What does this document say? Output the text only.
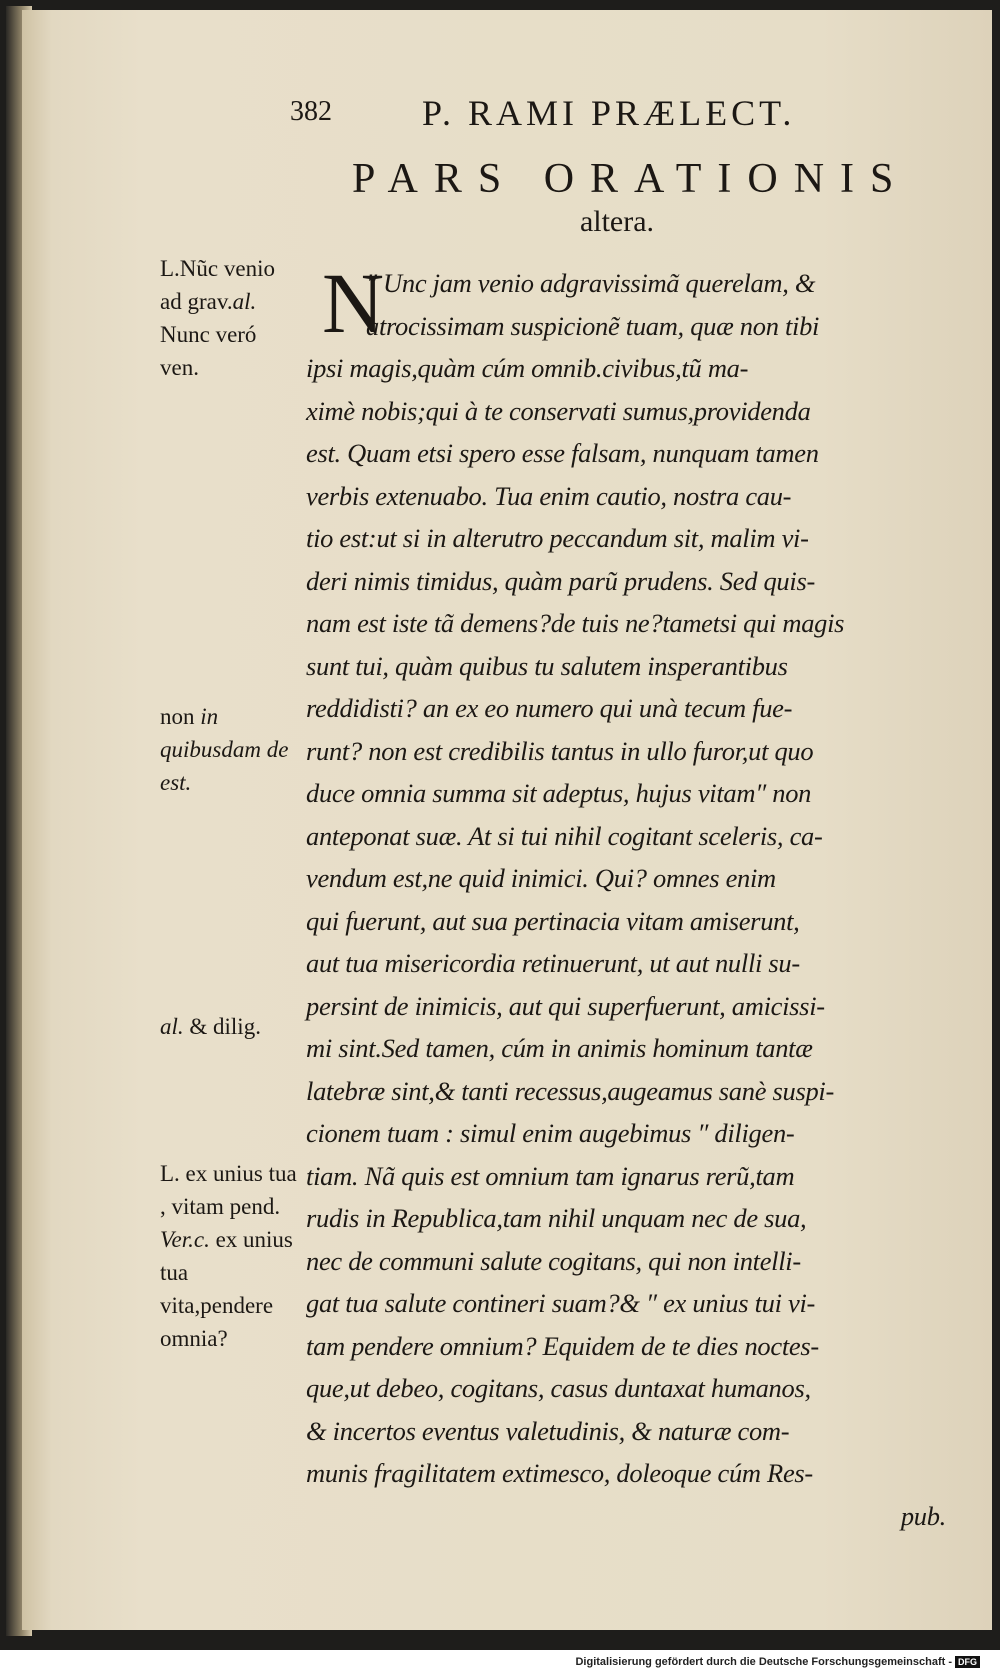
382	P. RAMI PRÆLECT.
PARS ORATIONIS
altera.
L.Nũc venio ad grav.al. Nunc veró ven.
non in quibusdam de est.
al. & dilig.
L. ex unius tua , vitam pend. Ver.c. ex unius tua vita,pendere omnia?
N
″ Unc jam venio adgravissimã querelam, &
atrocissimam suspicionẽ tuam, quæ non tibi
ipsi magis,quàm cúm omnib.civibus,tũ ma-
ximè nobis;qui à te conservati sumus,providenda
est. Quam etsi spero esse falsam, nunquam tamen
verbis extenuabo. Tua enim cautio, nostra cau-
tio est:ut si in alterutro peccandum sit, malim vi-
deri nimis timidus, quàm parũ prudens. Sed quis-
nam est iste tã demens?de tuis ne?tametsi qui magis
sunt tui, quàm quibus tu salutem insperantibus
reddidisti? an ex eo numero qui unà tecum fue-
runt? non est credibilis tantus in ullo furor,ut quo
duce omnia summa sit adeptus, hujus vitam″ non
anteponat suæ. At si tui nihil cogitant sceleris, ca-
vendum est,ne quid inimici. Qui? omnes enim
qui fuerunt, aut sua pertinacia vitam amiserunt,
aut tua misericordia retinuerunt, ut aut nulli su-
persint de inimicis, aut qui superfuerunt, amicissi-
mi sint.Sed tamen, cúm in animis hominum tantæ
latebræ sint,& tanti recessus,augeamus sanè suspi-
cionem tuam : simul enim augebimus ″ diligen-
tiam. Nã quis est omnium tam ignarus rerũ,tam
rudis in Republica,tam nihil unquam nec de sua,
nec de communi salute cogitans, qui non intelli-
gat tua salute contineri suam?& ″ ex unius tui vi-
tam pendere omnium? Equidem de te dies noctes-
que,ut debeo, cogitans, casus duntaxat humanos,
& incertos eventus valetudinis, & naturæ com-
munis fragilitatem extimesco, doleoque cúm Res-
pub.
Digitalisierung gefördert durch die Deutsche Forschungsgemeinschaft - DFG
